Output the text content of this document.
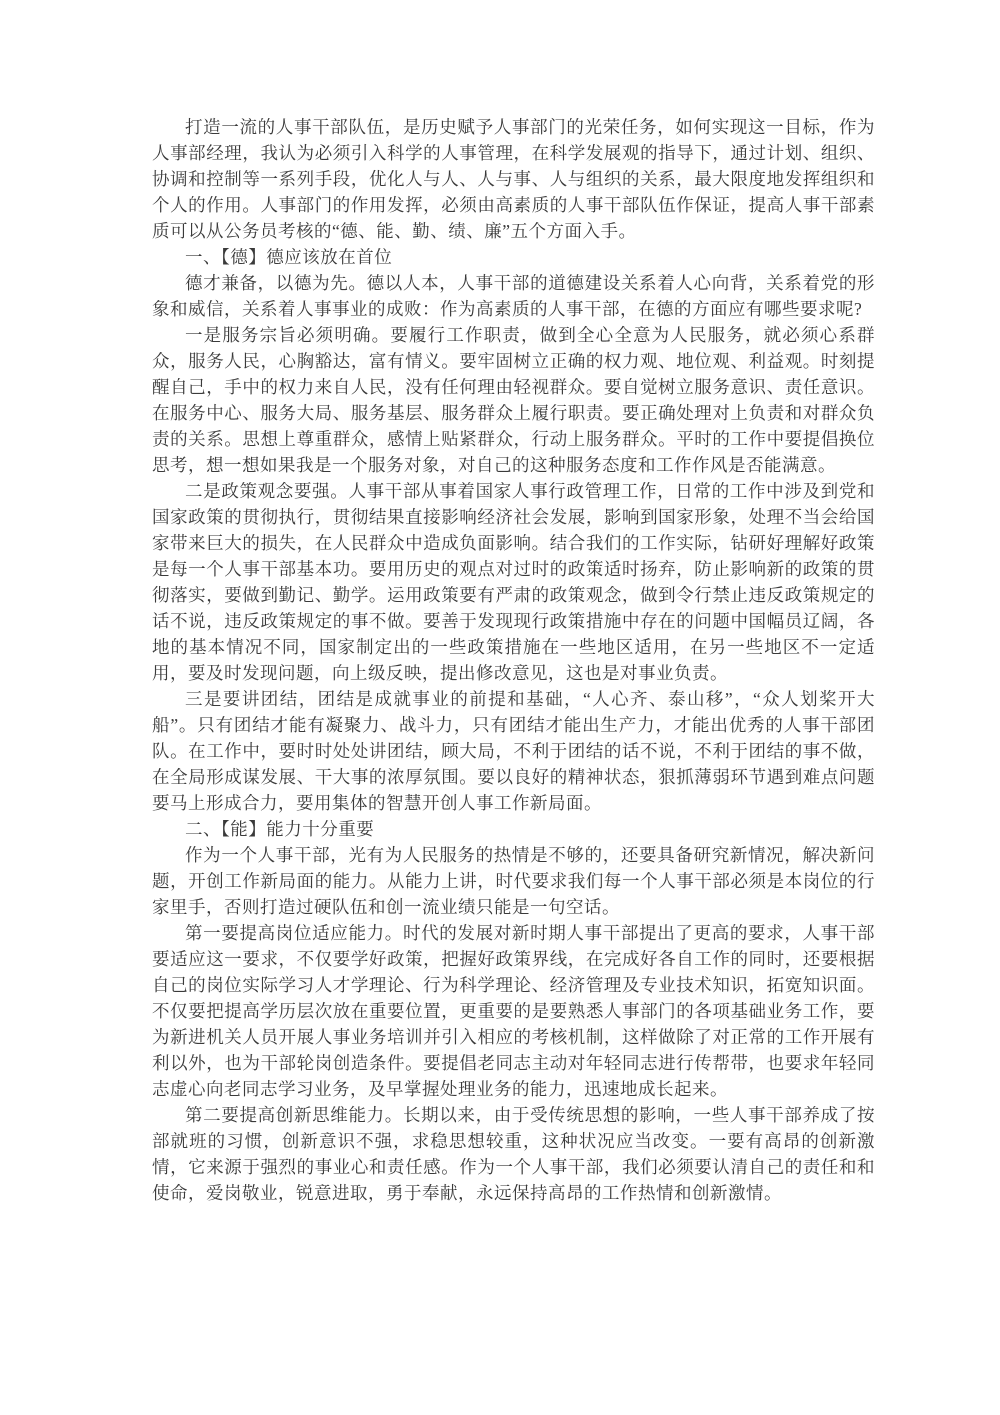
打造一流的人事干部队伍，是历史赋予人事部门的光荣任务，如何实现这一目标，作为人事部经理，我认为必须引入科学的人事管理，在科学发展观的指导下，通过计划、组织、协调和控制等一系列手段，优化人与人、人与事、人与组织的关系，最大限度地发挥组织和个人的作用。人事部门的作用发挥，必须由高素质的人事干部队伍作保证，提高人事干部素质可以从公务员考核的“德、能、勤、绩、廉”五个方面入手。

一、【德】德应该放在首位

德才兼备，以德为先。德以人本，人事干部的道德建设关系着人心向背，关系着党的形象和威信，关系着人事事业的成败：作为高素质的人事干部，在德的方面应有哪些要求呢?

一是服务宗旨必须明确。要履行工作职责，做到全心全意为人民服务，就必须心系群众，服务人民，心胸豁达，富有情义。要牢固树立正确的权力观、地位观、利益观。时刻提醒自己，手中的权力来自人民，没有任何理由轻视群众。要自觉树立服务意识、责任意识。在服务中心、服务大局、服务基层、服务群众上履行职责。要正确处理对上负责和对群众负责的关系。思想上尊重群众，感情上贴紧群众，行动上服务群众。平时的工作中要提倡换位思考，想一想如果我是一个服务对象，对自己的这种服务态度和工作作风是否能满意。

二是政策观念要强。人事干部从事着国家人事行政管理工作，日常的工作中涉及到党和国家政策的贯彻执行，贯彻结果直接影响经济社会发展，影响到国家形象，处理不当会给国家带来巨大的损失，在人民群众中造成负面影响。结合我们的工作实际，钻研好理解好政策是每一个人事干部基本功。要用历史的观点对过时的政策适时扬弃，防止影响新的政策的贯彻落实，要做到勤记、勤学。运用政策要有严肃的政策观念，做到令行禁止违反政策规定的话不说，违反政策规定的事不做。要善于发现现行政策措施中存在的问题中国幅员辽阔，各地的基本情况不同，国家制定出的一些政策措施在一些地区适用，在另一些地区不一定适用，要及时发现问题，向上级反映，提出修改意见，这也是对事业负责。

三是要讲团结，团结是成就事业的前提和基础，“人心齐、泰山移”，“众人划桨开大船”。只有团结才能有凝聚力、战斗力，只有团结才能出生产力，才能出优秀的人事干部团队。在工作中，要时时处处讲团结，顾大局，不利于团结的话不说，不利于团结的事不做，在全局形成谋发展、干大事的浓厚氛围。要以良好的精神状态，狠抓薄弱环节遇到难点问题要马上形成合力，要用集体的智慧开创人事工作新局面。

二、【能】能力十分重要

作为一个人事干部，光有为人民服务的热情是不够的，还要具备研究新情况，解决新问题，开创工作新局面的能力。从能力上讲，时代要求我们每一个人事干部必须是本岗位的行家里手，否则打造过硬队伍和创一流业绩只能是一句空话。

第一要提高岗位适应能力。时代的发展对新时期人事干部提出了更高的要求，人事干部要适应这一要求，不仅要学好政策，把握好政策界线，在完成好各自工作的同时，还要根据自己的岗位实际学习人才学理论、行为科学理论、经济管理及专业技术知识，拓宽知识面。不仅要把提高学历层次放在重要位置，更重要的是要熟悉人事部门的各项基础业务工作，要为新进机关人员开展人事业务培训并引入相应的考核机制，这样做除了对正常的工作开展有利以外，也为干部轮岗创造条件。要提倡老同志主动对年轻同志进行传帮带，也要求年轻同志虚心向老同志学习业务，及早掌握处理业务的能力，迅速地成长起来。

第二要提高创新思维能力。长期以来，由于受传统思想的影响，一些人事干部养成了按部就班的习惯，创新意识不强，求稳思想较重，这种状况应当改变。一要有高昂的创新激情，它来源于强烈的事业心和责任感。作为一个人事干部，我们必须要认清自己的责任和和使命，爱岗敬业，锐意进取，勇于奉献，永远保持高昂的工作热情和创新激情。
